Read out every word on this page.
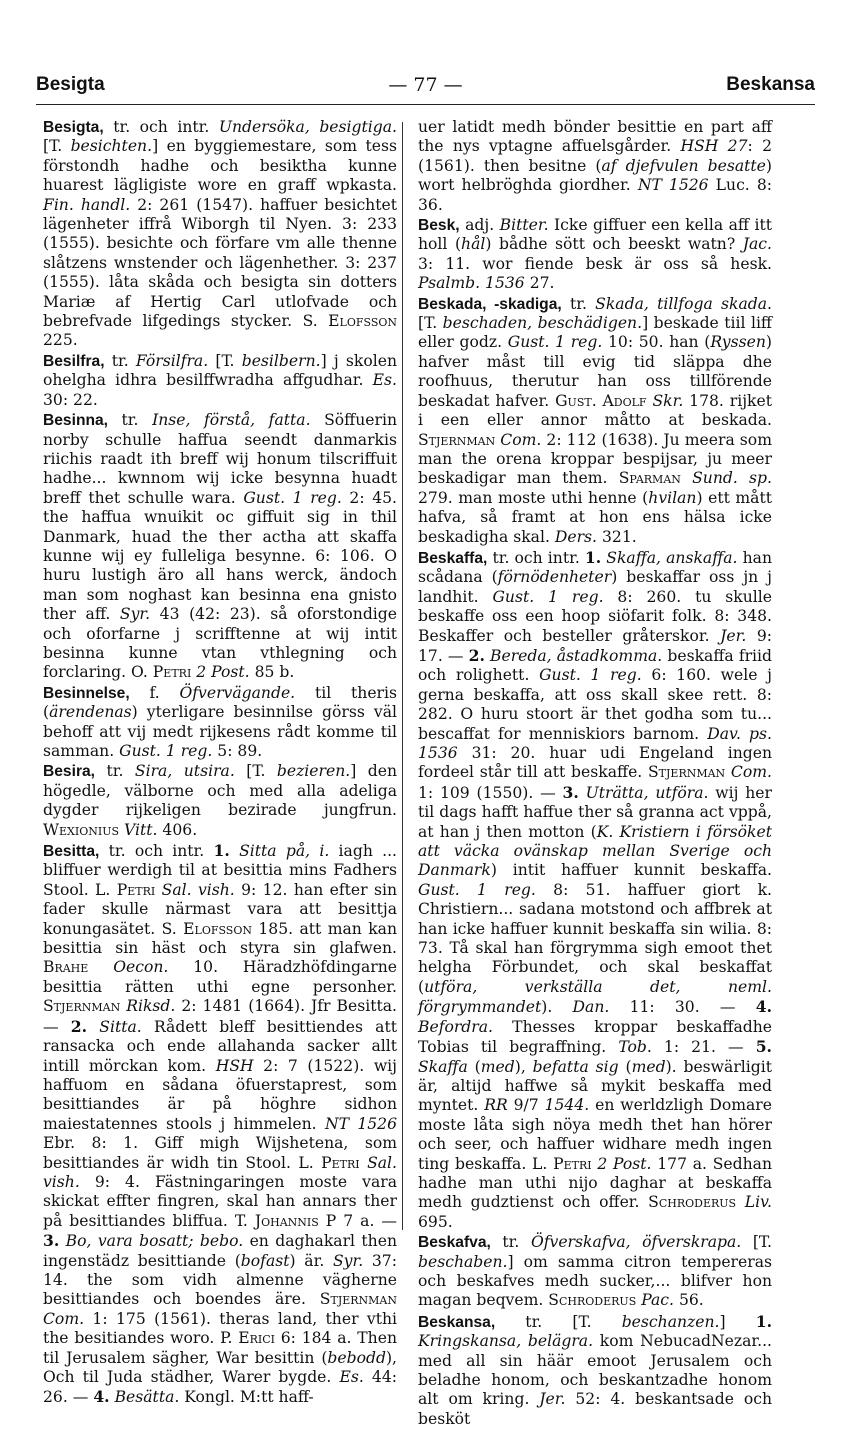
Besigta	— 77 —	Beskansa

Besigta, tr. och intr. Undersöka, besigtiga. [T. besichten.] en byggiemestare, som tess förstondh hadhe och besiktha kunne huarest lägligiste wore en graff wpkasta. Fin. handl. 2: 261 (1547). haffuer besichtet lägenheter iffrå Wiborgh til Nyen. 3: 233 (1555). besichte och förfare vm alle thenne slåtzens wnstender och lägenhether. 3: 237 (1555). låta skåda och besigta sin dotters Mariæ af Hertig Carl utlofvade och bebrefvade lifgedings stycker. S. Elofsson 225.

Besilfra, tr. Försilfra. [T. besilbern.] j skolen ohelgha idhra besilffwradha affgudhar. Es. 30: 22.

Besinna, tr. Inse, förstå, fatta. Söffuerin norby schulle haffua seendt danmarkis riichis raadt ith breff wij honum tilscriffuit hadhe... kwnnom wij icke besynna huadt breff thet schulle wara. Gust. 1 reg. 2: 45. the haffua wnuikit oc giffuit sig in thil Danmark, huad the ther actha att skaffa kunne wij ey fulleliga besynne. 6: 106. O huru lustigh äro all hans werck, ändoch man som noghast kan besinna ena gnisto ther aff. Syr. 43 (42: 23). så oforstondige och oforfarne j scrifftenne at wij intit besinna kunne vtan vthlegning och forclaring. O. Petri 2 Post. 85 b.

Besinnelse, f. Öfvervägande. til theris (ärendenas) yterligare besinnilse görss väl behoff att vij medt rijkesens rådt komme til samman. Gust. 1 reg. 5: 89.

Besira, tr. Sira, utsira. [T. bezieren.] den högedle, välborne och med alla adeliga dygder rijkeligen bezirade jungfrun. Wexionius Vitt. 406.

Besitta, tr. och intr. 1. Sitta på, i. iagh ... bliffuer werdigh til at besittia mins Fadhers Stool. L. Petri Sal. vish. 9: 12. han efter sin fader skulle närmast vara att besittja konungasätet. S. Elofsson 185. att man kan besittia sin häst och styra sin glafwen. Brahe Oecon. 10. Häradzhöfdingarne besittia rätten uthi egne personher. Stjernman Riksd. 2: 1481 (1664). Jfr Besitta. — 2. Sitta. Rådett bleff besittiendes att ransacka och ende allahanda sacker allt intill mörckan kom. HSH 2: 7 (1522). wij haffuom en sådana öfuerstaprest, som besittiandes är på höghre sidhon maiestatennes stools j himmelen. NT 1526 Ebr. 8: 1. Giff migh Wijshetena, som besittiandes är widh tin Stool. L. Petri Sal. vish. 9: 4. Fästningaringen moste vara skickat effter fingren, skal han annars ther på besittiandes bliffua. T. Johannis P 7 a. — 3. Bo, vara bosatt; bebo. en daghakarl then ingenstädz besittiande (bofast) är. Syr. 37: 14. the som vidh almenne vägherne besittiandes och boendes äre. Stjernman Com. 1: 175 (1561). theras land, ther vthi the besitiandes woro. P. Erici 6: 184 a. Then til Jerusalem sägher, War besittin (bebodd), Och til Juda städher, Warer bygde. Es. 44: 26. — 4. Besätta. Kongl. M:tt haff-

uer latidt medh bönder besittie en part aff the nys vptagne affuelsgårder. HSH 27: 2 (1561). then besitne (af djefvulen besatte) wort helbröghda giordher. NT 1526 Luc. 8: 36.

Besk, adj. Bitter. Icke giffuer een kella aff itt holl (hål) bådhe sött och beeskt watn? Jac. 3: 11. wor fiende besk är oss så hesk. Psalmb. 1536 27.

Beskada, -skadiga, tr. Skada, tillfoga skada. [T. beschaden, beschädigen.] beskade tiil liff eller godz. Gust. 1 reg. 10: 50. han (Ryssen) hafver måst till evig tid släppa dhe roofhuus, therutur han oss tillförende beskadat hafver. Gust. Adolf Skr. 178. rijket i een eller annor måtto at beskada. Stjernman Com. 2: 112 (1638). Ju meera som man the orena kroppar bespijsar, ju meer beskadigar man them. Sparman Sund. sp. 279. man moste uthi henne (hvilan) ett mått hafva, så framt at hon ens hälsa icke beskadigha skal. Ders. 321.

Beskaffa, tr. och intr. 1. Skaffa, anskaffa. han sсådana (förnödenheter) beskaffar oss jn j landhit. Gust. 1 reg. 8: 260. tu skulle beskaffe oss een hoop siöfarit folk. 8: 348. Beskaffer och besteller gråterskor. Jer. 9: 17. — 2. Bereda, åstadkomma. beskaffa friid och rolighett. Gust. 1 reg. 6: 160. wele j gerna beskaffa, att oss skall skee rett. 8: 282. O huru stoort är thet godha som tu... bescaffat for menniskiors barnom. Dav. ps. 1536 31: 20. huar udi Engeland ingen fordeel står till att beskaffe. Stjernman Com. 1: 109 (1550). — 3. Uträtta, utföra. wij her til dags hafft haffue ther så granna act vppå, at han j then motton (K. Kristiern i försöket att väcka ovänskap mellan Sverige och Danmark) intit haffuer kunnit beskaffa. Gust. 1 reg. 8: 51. haffuer giort k. Christiern... sadana motstond och affbrek at han icke haffuer kunnit beskaffa sin wilia. 8: 73. Tå skal han förgrymma sigh emoot thet helgha Förbundet, och skal beskaffat (utföra, verkställa det, neml. förgrymmandet). Dan. 11: 30. — 4. Befordra. Thesses kroppar beskaffadhe Tobias til begraffning. Tob. 1: 21. — 5. Skaffa (med), befatta sig (med). beswärligit är, altijd haffwe så mykit beskaffa med myntet. RR 9/7 1544. en werldzligh Domare moste låta sigh nöya medh thet han hörer och seer, och haffuer widhare medh ingen ting beskaffa. L. Petri 2 Post. 177 a. Sedhan hadhe man uthi nijo daghar at beskaffa medh gudztienst och offer. Schroderus Liv. 695.

Beskafva, tr. Öfverskafva, öfverskrapa. [T. beschaben.] om samma citron tempereras och beskafves medh sucker,... blifver hon magan beqvem. Schroderus Pac. 56.

Beskansa, tr. [T. beschanzen.] 1. Kringskansa, belägra. kom NebucadNezar... med all sin häär emoot Jerusalem och beladhe honom, och beskantzadhe honom alt om kring. Jer. 52: 4. beskantsade och besköt
